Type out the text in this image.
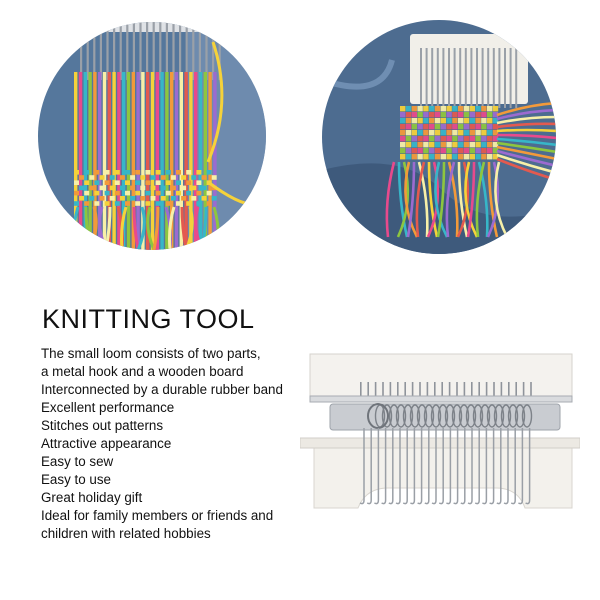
KNITTING TOOL
The small loom consists of two parts,
a metal hook and a wooden board
Interconnected by a durable rubber band
Excellent performance
Stitches out patterns
Attractive appearance
Easy to sew
Easy to use
Great holiday gift
Ideal for family members or friends and
children with related hobbies
